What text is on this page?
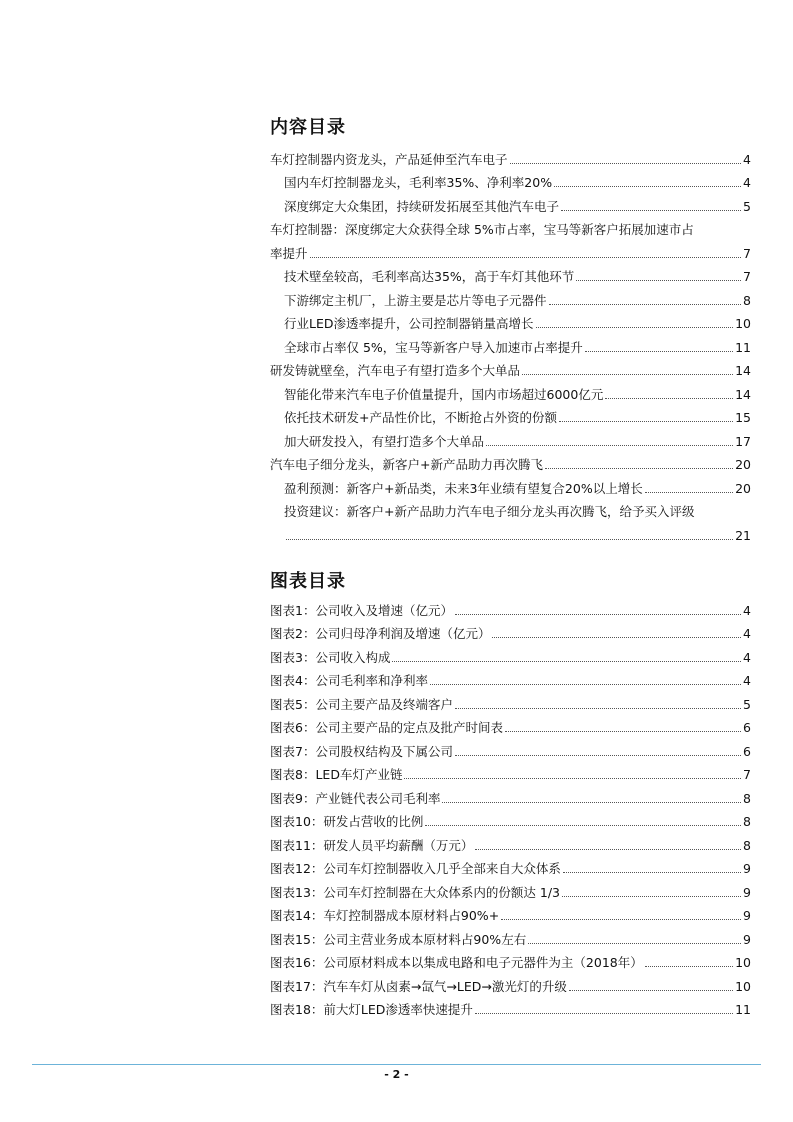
内容目录
车灯控制器内资龙头，产品延伸至汽车电子	4
国内车灯控制器龙头，毛利率35%、净利率20%	4
深度绑定大众集团，持续研发拓展至其他汽车电子	5
车灯控制器：深度绑定大众获得全球 5%市占率，宝马等新客户拓展加速市占
率提升	7
技术壁垒较高，毛利率高达35%，高于车灯其他环节	7
下游绑定主机厂，上游主要是芯片等电子元器件	8
行业LED渗透率提升，公司控制器销量高增长	10
全球市占率仅 5%，宝马等新客户导入加速市占率提升	11
研发铸就壁垒，汽车电子有望打造多个大单品	14
智能化带来汽车电子价值量提升，国内市场超过6000亿元	14
依托技术研发+产品性价比，不断抢占外资的份额	15
加大研发投入，有望打造多个大单品	17
汽车电子细分龙头，新客户+新产品助力再次腾飞	20
盈利预测：新客户+新品类，未来3年业绩有望复合20%以上增长	20
投资建议：新客户+新产品助力汽车电子细分龙头再次腾飞，给予买入评级
21
图表目录
图表1：公司收入及增速（亿元）	4
图表2：公司归母净利润及增速（亿元）	4
图表3：公司收入构成	4
图表4：公司毛利率和净利率	4
图表5：公司主要产品及终端客户	5
图表6：公司主要产品的定点及批产时间表	6
图表7：公司股权结构及下属公司	6
图表8：LED车灯产业链	7
图表9：产业链代表公司毛利率	8
图表10：研发占营收的比例	8
图表11：研发人员平均薪酬（万元）	8
图表12：公司车灯控制器收入几乎全部来自大众体系	9
图表13：公司车灯控制器在大众体系内的份额达 1/3	9
图表14：车灯控制器成本原材料占90%+	9
图表15：公司主营业务成本原材料占90%左右	9
图表16：公司原材料成本以集成电路和电子元器件为主（2018年）	10
图表17：汽车车灯从卤素→氙气→LED→激光灯的升级	10
图表18：前大灯LED渗透率快速提升	11
- 2 -
